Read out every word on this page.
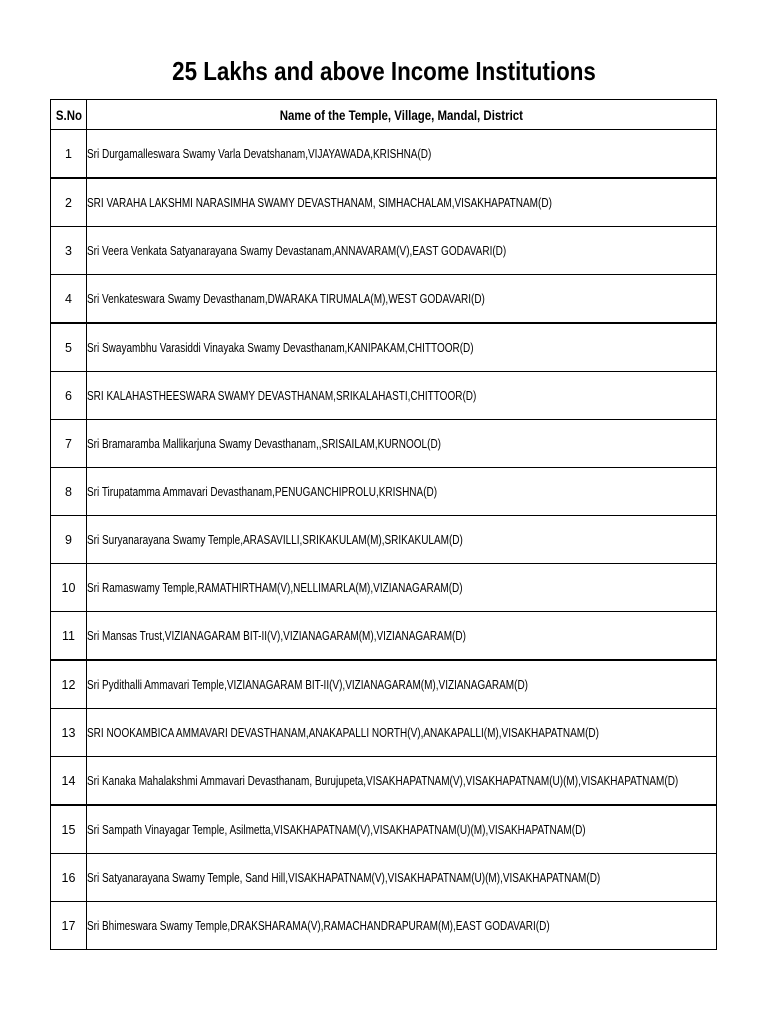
25 Lakhs and above Income Institutions
S.No	Name of the Temple, Village, Mandal, District
1	Sri Durgamalleswara Swamy Varla Devatshanam,VIJAYAWADA,KRISHNA(D)
2	SRI VARAHA LAKSHMI NARASIMHA SWAMY DEVASTHANAM, SIMHACHALAM,VISAKHAPATNAM(D)
3	Sri Veera Venkata Satyanarayana Swamy Devastanam,ANNAVARAM(V),EAST GODAVARI(D)
4	Sri Venkateswara Swamy Devasthanam,DWARAKA TIRUMALA(M),WEST GODAVARI(D)
5	Sri Swayambhu Varasiddi Vinayaka Swamy Devasthanam,KANIPAKAM,CHITTOOR(D)
6	SRI KALAHASTHEESWARA SWAMY DEVASTHANAM,SRIKALAHASTI,CHITTOOR(D)
7	Sri Bramaramba Mallikarjuna Swamy Devasthanam,,SRISAILAM,KURNOOL(D)
8	Sri Tirupatamma Ammavari Devasthanam,PENUGANCHIPROLU,KRISHNA(D)
9	Sri Suryanarayana Swamy Temple,ARASAVILLI,SRIKAKULAM(M),SRIKAKULAM(D)
10	Sri Ramaswamy Temple,RAMATHIRTHAM(V),NELLIMARLA(M),VIZIANAGARAM(D)
11	Sri Mansas Trust,VIZIANAGARAM BIT-II(V),VIZIANAGARAM(M),VIZIANAGARAM(D)
12	Sri Pydithalli Ammavari Temple,VIZIANAGARAM BIT-II(V),VIZIANAGARAM(M),VIZIANAGARAM(D)
13	SRI NOOKAMBICA AMMAVARI DEVASTHANAM,ANAKAPALLI NORTH(V),ANAKAPALLI(M),VISAKHAPATNAM(D)
14	Sri Kanaka Mahalakshmi Ammavari Devasthanam, Burujupeta,VISAKHAPATNAM(V),VISAKHAPATNAM(U)(M),VISAKHAPATNAM(D)
15	Sri Sampath Vinayagar Temple, Asilmetta,VISAKHAPATNAM(V),VISAKHAPATNAM(U)(M),VISAKHAPATNAM(D)
16	Sri Satyanarayana Swamy Temple, Sand Hill,VISAKHAPATNAM(V),VISAKHAPATNAM(U)(M),VISAKHAPATNAM(D)
17	Sri Bhimeswara Swamy Temple,DRAKSHARAMA(V),RAMACHANDRAPURAM(M),EAST GODAVARI(D)
